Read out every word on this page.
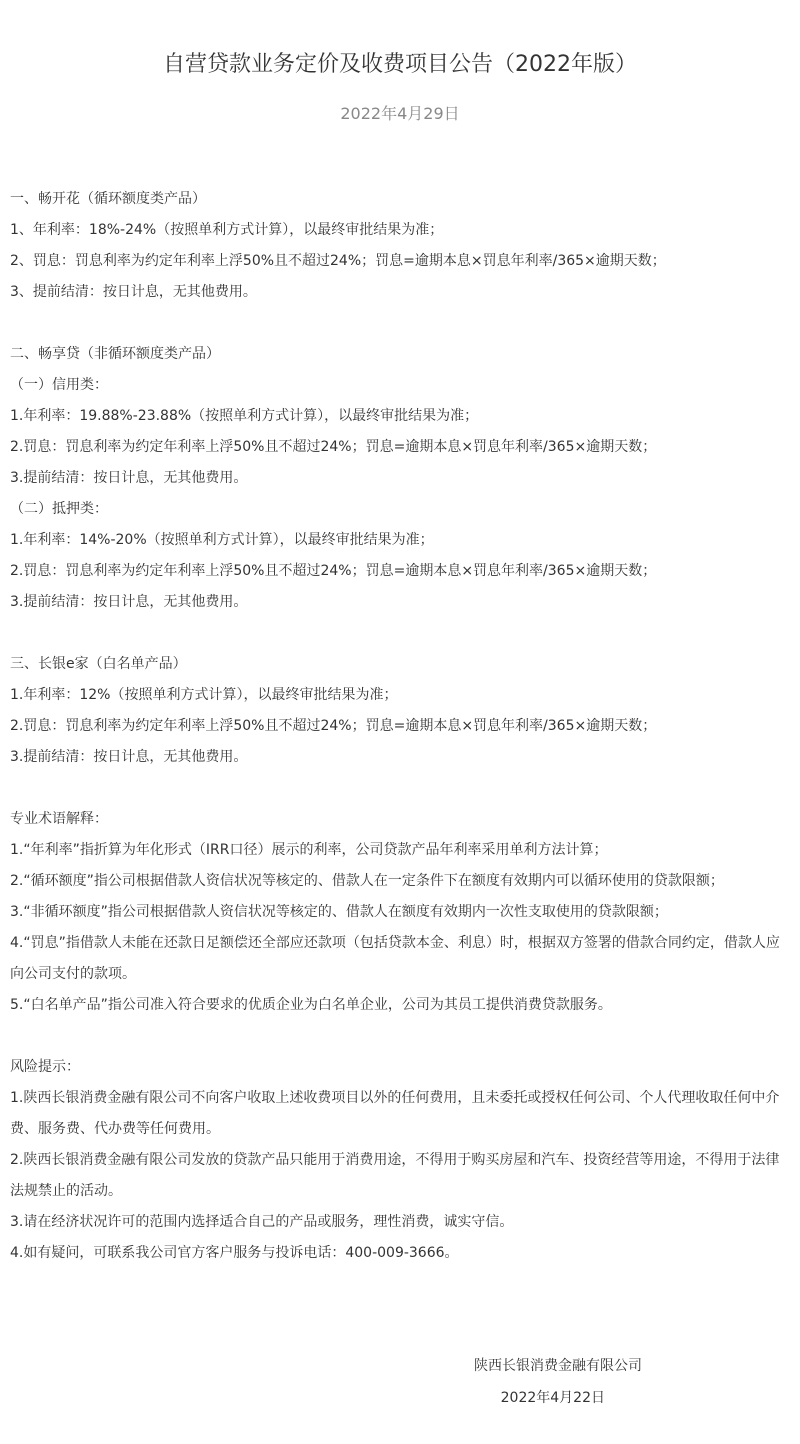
自营贷款业务定价及收费项目公告（2022年版）
2022年4月29日

一、畅开花（循环额度类产品）

1、年利率：18%-24%（按照单利方式计算），以最终审批结果为准；

2、罚息：罚息利率为约定年利率上浮50%且不超过24%；罚息=逾期本息×罚息年利率/365×逾期天数；

3、提前结清：按日计息，无其他费用。

二、畅享贷（非循环额度类产品）

（一）信用类：

1.年利率：19.88%-23.88%（按照单利方式计算），以最终审批结果为准；

2.罚息：罚息利率为约定年利率上浮50%且不超过24%；罚息=逾期本息×罚息年利率/365×逾期天数；

3.提前结清：按日计息，无其他费用。

（二）抵押类：

1.年利率：14%-20%（按照单利方式计算），以最终审批结果为准；

2.罚息：罚息利率为约定年利率上浮50%且不超过24%；罚息=逾期本息×罚息年利率/365×逾期天数；

3.提前结清：按日计息，无其他费用。

三、长银e家（白名单产品）

1.年利率：12%（按照单利方式计算），以最终审批结果为准；

2.罚息：罚息利率为约定年利率上浮50%且不超过24%；罚息=逾期本息×罚息年利率/365×逾期天数；

3.提前结清：按日计息，无其他费用。

专业术语解释：

1.“年利率”指折算为年化形式（IRR口径）展示的利率，公司贷款产品年利率采用单利方法计算；

2.“循环额度”指公司根据借款人资信状况等核定的、借款人在一定条件下在额度有效期内可以循环使用的贷款限额；

3.“非循环额度”指公司根据借款人资信状况等核定的、借款人在额度有效期内一次性支取使用的贷款限额；

4.“罚息”指借款人未能在还款日足额偿还全部应还款项（包括贷款本金、利息）时，根据双方签署的借款合同约定，借款人应向公司支付的款项。

5.“白名单产品”指公司准入符合要求的优质企业为白名单企业，公司为其员工提供消费贷款服务。

风险提示：

1.陕西长银消费金融有限公司不向客户收取上述收费项目以外的任何费用，且未委托或授权任何公司、个人代理收取任何中介费、服务费、代办费等任何费用。

2.陕西长银消费金融有限公司发放的贷款产品只能用于消费用途，不得用于购买房屋和汽车、投资经营等用途，不得用于法律法规禁止的活动。

3.请在经济状况许可的范围内选择适合自己的产品或服务，理性消费，诚实守信。

4.如有疑问，可联系我公司官方客户服务与投诉电话：400-009-3666。

陕西长银消费金融有限公司
2022年4月22日
